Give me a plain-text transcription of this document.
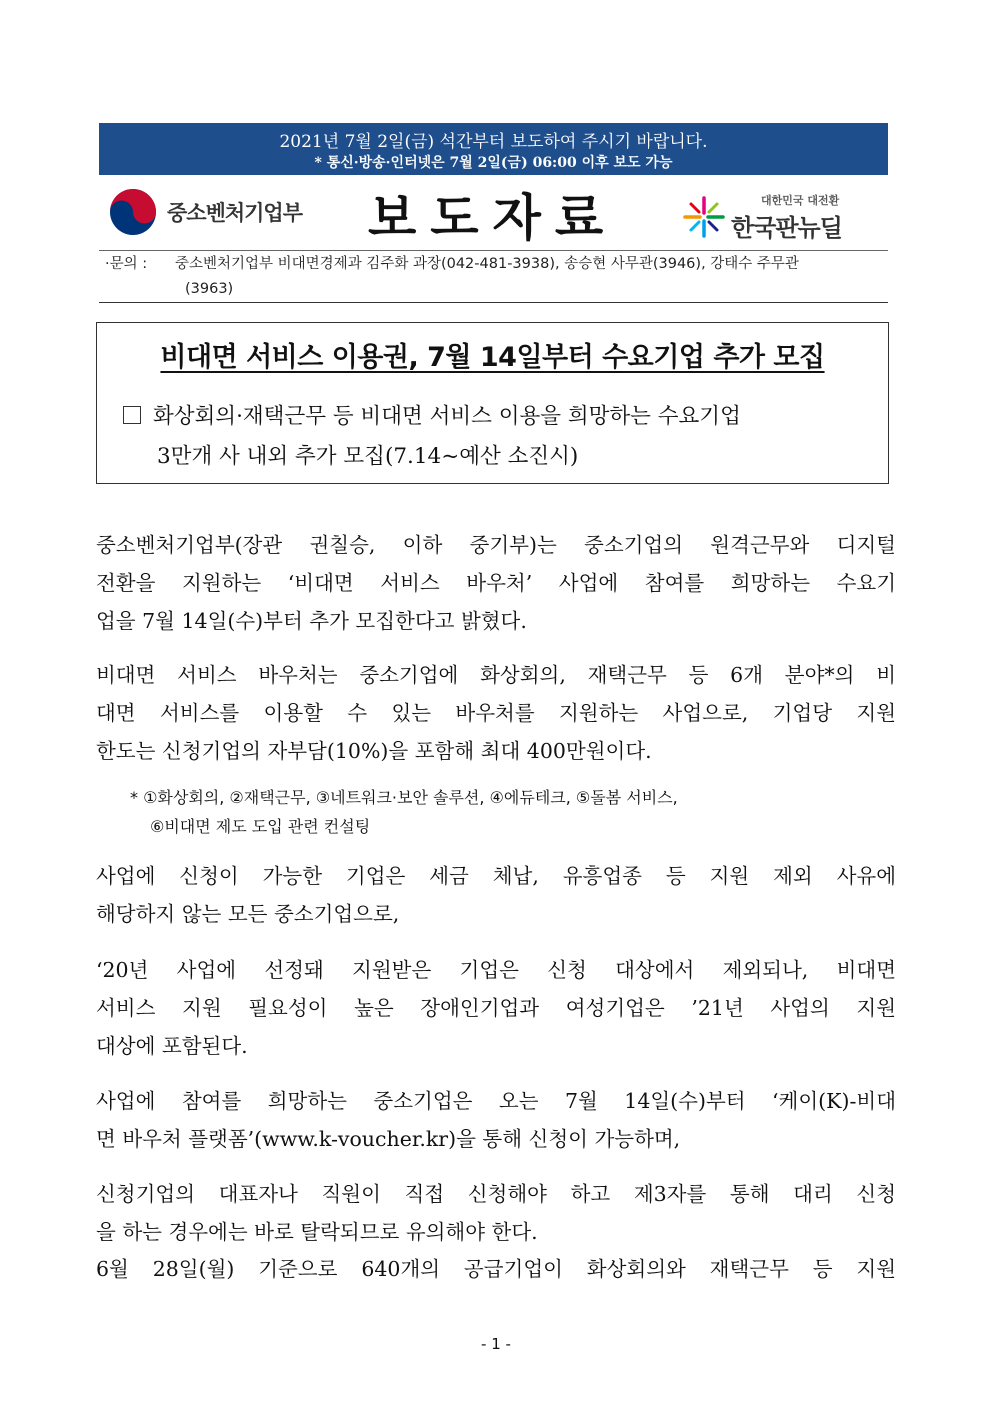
2021년 7월 2일(금) 석간부터 보도하여 주시기 바랍니다.
* 통신·방송·인터넷은 7월 2일(금) 06:00 이후 보도 가능
중소벤처기업부 보도자료	대한민국 대전환
한국판뉴딜
·문의 : 중소벤처기업부 비대면경제과 김주화 과장(042-481-3938), 송승현 사무관(3946), 강태수 주무관
(3963)
비대면 서비스 이용권, 7월 14일부터 수요기업 추가 모집
화상회의·재택근무 등 비대면 서비스 이용을 희망하는 수요기업
3만개 사 내외 추가 모집(7.14~예산 소진시)
중소벤처기업부(장관 권칠승, 이하 중기부)는 중소기업의 원격근무와 디지털
전환을 지원하는 ‘비대면 서비스 바우처’ 사업에 참여를 희망하는 수요기
업을 7월 14일(수)부터 추가 모집한다고 밝혔다.
비대면 서비스 바우처는 중소기업에 화상회의, 재택근무 등 6개 분야*의 비
대면 서비스를 이용할 수 있는 바우처를 지원하는 사업으로, 기업당 지원
한도는 신청기업의 자부담(10%)을 포함해 최대 400만원이다.
* ①화상회의, ②재택근무, ③네트워크·보안 솔루션, ④에듀테크, ⑤돌봄 서비스,
⑥비대면 제도 도입 관련 컨설팅
사업에 신청이 가능한 기업은 세금 체납, 유흥업종 등 지원 제외 사유에
해당하지 않는 모든 중소기업으로,
‘20년 사업에 선정돼 지원받은 기업은 신청 대상에서 제외되나, 비대면
서비스 지원 필요성이 높은 장애인기업과 여성기업은 ’21년 사업의 지원
대상에 포함된다.
사업에 참여를 희망하는 중소기업은 오는 7월 14일(수)부터 ‘케이(K)-비대
면 바우처 플랫폼’(www.k-voucher.kr)을 통해 신청이 가능하며,
신청기업의 대표자나 직원이 직접 신청해야 하고 제3자를 통해 대리 신청
을 하는 경우에는 바로 탈락되므로 유의해야 한다.
6월 28일(월) 기준으로 640개의 공급기업이 화상회의와 재택근무 등 지원
- 1 -
